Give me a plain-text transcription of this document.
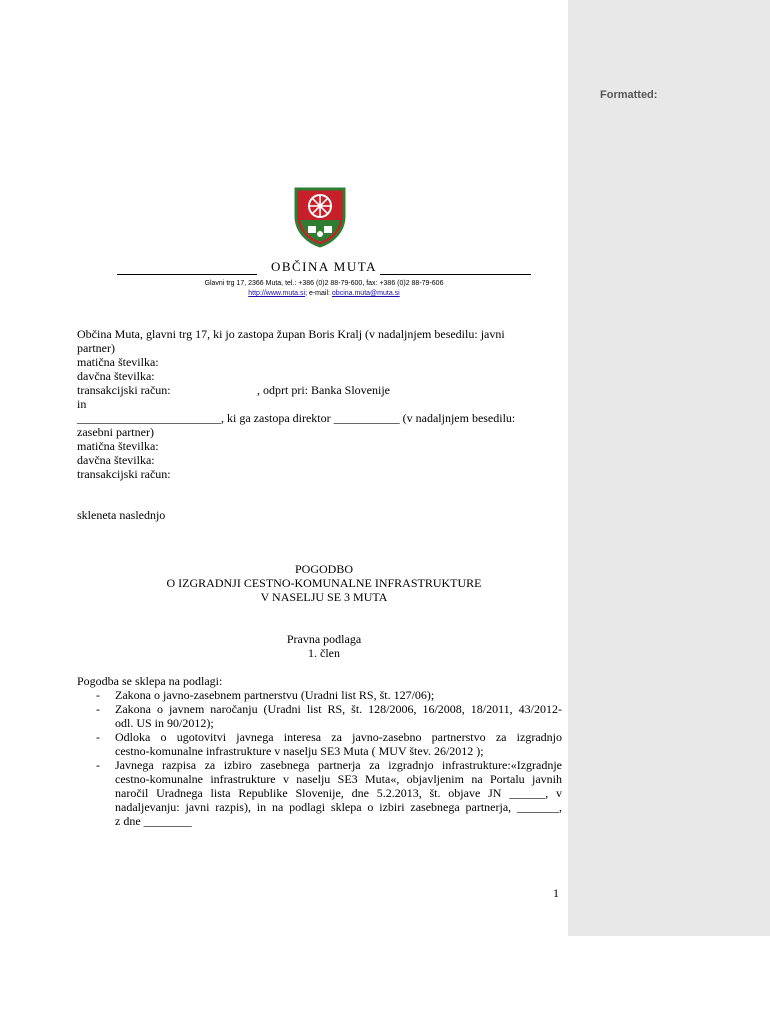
Formatted:
OBČINA MUTA
Glavni trg 17, 2366 Muta, tel.: +386 (0)2 88-79-600, fax: +386 (0)2 88-79-606
http://www.muta.si; e-mail: obcina.muta@muta.si
Občina Muta, glavni trg 17, ki jo zastopa župan Boris Kralj (v nadaljnjem besedilu: javni
partner)
matična številka:
davčna številka:
transakcijski račun:	, odprt pri: Banka Slovenije
in
________________________, ki ga zastopa direktor ___________ (v nadaljnjem besedilu:
zasebni partner)
matična številka:
davčna številka:
transakcijski račun:
skleneta naslednjo
POGODBO
O IZGRADNJI CESTNO-KOMUNALNE INFRASTRUKTURE
V NASELJU SE 3 MUTA
Pravna podlaga
1. člen
Pogodba se sklepa na podlagi:
- Zakona o javno-zasebnem partnerstvu (Uradni list RS, št. 127/06);
- Zakona o javnem naročanju (Uradni list RS, št. 128/2006, 16/2008, 18/2011, 43/2012-
odl. US in 90/2012);
- Odloka o ugotovitvi javnega interesa za javno-zasebno partnerstvo za izgradnjo
cestno-komunalne infrastrukture v naselju SE3 Muta ( MUV štev. 26/2012 );
- Javnega razpisa za izbiro zasebnega partnerja za izgradnjo infrastrukture:«Izgradnje
cestno-komunalne infrastrukture v naselju SE3 Muta«, objavljenim na Portalu javnih
naročil Uradnega lista Republike Slovenije, dne 5.2.2013, št. objave JN ______, v
nadaljevanju: javni razpis), in na podlagi sklepa o izbiri zasebnega partnerja, _______,
z dne ________
1
